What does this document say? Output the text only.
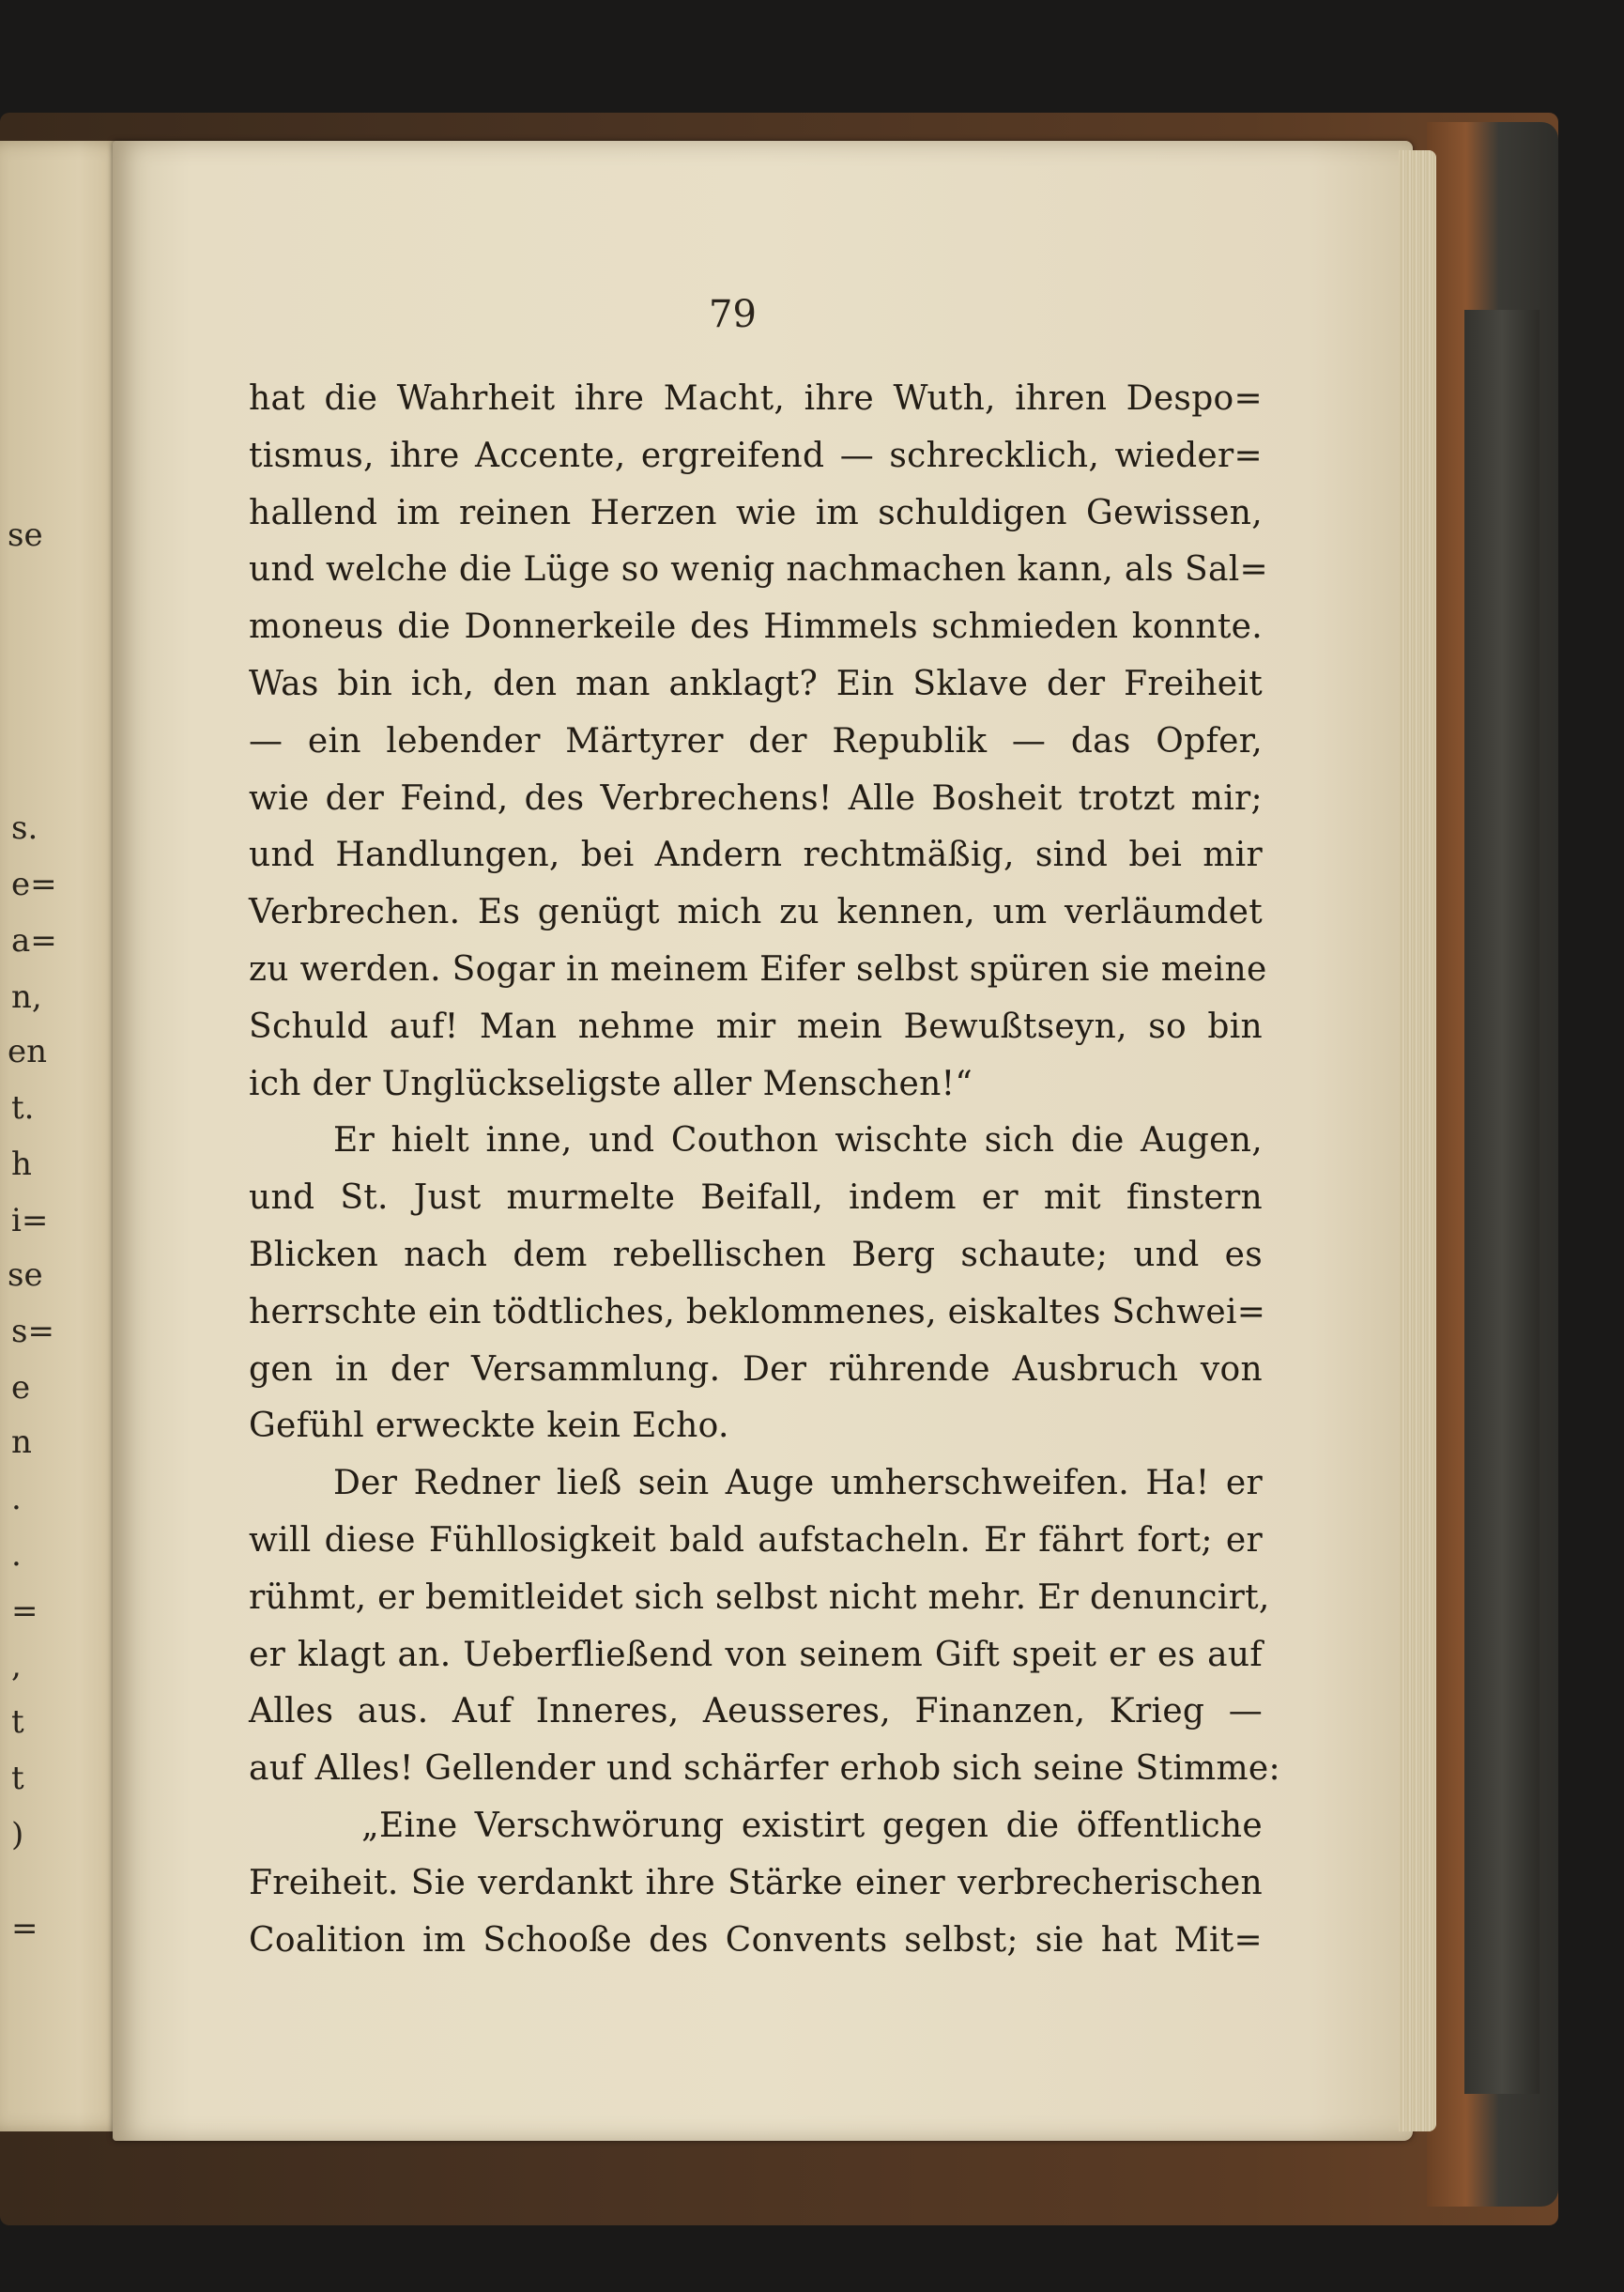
se
s.
e=
a=
n,
en
t.
h
i=
se
s=
e
n
.
.
=
,
t
t
)
=
79
hat die Wahrheit ihre Macht, ihre Wuth, ihren Despo=
tismus, ihre Accente, ergreifend — schrecklich, wieder=
hallend im reinen Herzen wie im schuldigen Gewissen,
und welche die Lüge so wenig nachmachen kann, als Sal=
moneus die Donnerkeile des Himmels schmieden konnte.
Was bin ich, den man anklagt? Ein Sklave der Freiheit
— ein lebender Märtyrer der Republik — das Opfer,
wie der Feind, des Verbrechens! Alle Bosheit trotzt mir;
und Handlungen, bei Andern rechtmäßig, sind bei mir
Verbrechen. Es genügt mich zu kennen, um verläumdet
zu werden. Sogar in meinem Eifer selbst spüren sie meine
Schuld auf! Man nehme mir mein Bewußtseyn, so bin
ich der Unglückseligste aller Menschen!“
Er hielt inne, und Couthon wischte sich die Augen,
und St. Just murmelte Beifall, indem er mit finstern
Blicken nach dem rebellischen Berg schaute; und es
herrschte ein tödtliches, beklommenes, eiskaltes Schwei=
gen in der Versammlung. Der rührende Ausbruch von
Gefühl erweckte kein Echo.
Der Redner ließ sein Auge umherschweifen. Ha! er
will diese Fühllosigkeit bald aufstacheln. Er fährt fort; er
rühmt, er bemitleidet sich selbst nicht mehr. Er denuncirt,
er klagt an. Ueberfließend von seinem Gift speit er es auf
Alles aus. Auf Inneres, Aeusseres, Finanzen, Krieg —
auf Alles! Gellender und schärfer erhob sich seine Stimme:
„Eine Verschwörung existirt gegen die öffentliche
Freiheit. Sie verdankt ihre Stärke einer verbrecherischen
Coalition im Schooße des Convents selbst; sie hat Mit=
